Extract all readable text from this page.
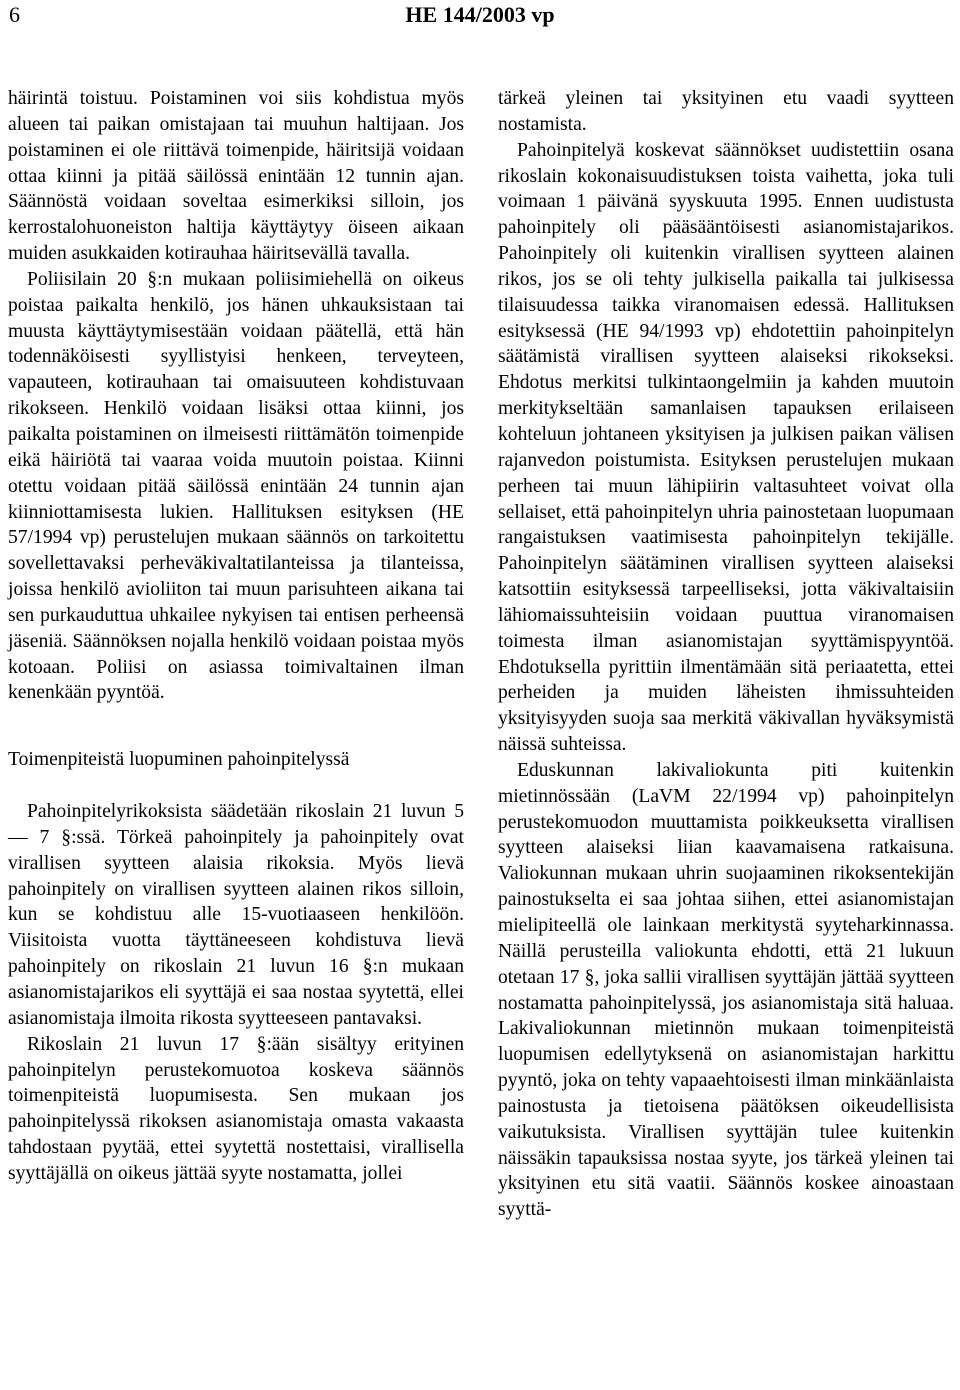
6	HE 144/2003 vp

häirintä toistuu. Poistaminen voi siis kohdistua myös alueen tai paikan omistajaan tai muuhun haltijaan. Jos poistaminen ei ole riittävä toimenpide, häiritsijä voidaan ottaa kiinni ja pitää säilössä enintään 12 tunnin ajan. Säännöstä voidaan soveltaa esimerkiksi silloin, jos kerrostalohuoneiston haltija käyttäytyy öiseen aikaan muiden asukkaiden kotirauhaa häiritsevällä tavalla.

Poliisilain 20 §:n mukaan poliisimiehellä on oikeus poistaa paikalta henkilö, jos hänen uhkauksistaan tai muusta käyttäytymisestään voidaan päätellä, että hän todennäköisesti syyllistyisi henkeen, terveyteen, vapauteen, kotirauhaan tai omaisuuteen kohdistuvaan rikokseen. Henkilö voidaan lisäksi ottaa kiinni, jos paikalta poistaminen on ilmeisesti riittämätön toimenpide eikä häiriötä tai vaaraa voida muutoin poistaa. Kiinni otettu voidaan pitää säilössä enintään 24 tunnin ajan kiinniottamisesta lukien. Hallituksen esityksen (HE 57/1994 vp) perustelujen mukaan säännös on tarkoitettu sovellettavaksi perheväkivaltatilanteissa ja tilanteissa, joissa henkilö avioliiton tai muun parisuhteen aikana tai sen purkauduttua uhkailee nykyisen tai entisen perheensä jäseniä. Säännöksen nojalla henkilö voidaan poistaa myös kotoaan. Poliisi on asiassa toimivaltainen ilman kenenkään pyyntöä.

Toimenpiteistä luopuminen pahoinpitelyssä

Pahoinpitelyrikoksista säädetään rikoslain 21 luvun 5 — 7 §:ssä. Törkeä pahoinpitely ja pahoinpitely ovat virallisen syytteen alaisia rikoksia. Myös lievä pahoinpitely on virallisen syytteen alainen rikos silloin, kun se kohdistuu alle 15-vuotiaaseen henkilöön. Viisitoista vuotta täyttäneeseen kohdistuva lievä pahoinpitely on rikoslain 21 luvun 16 §:n mukaan asianomistajarikos eli syyttäjä ei saa nostaa syytettä, ellei asianomistaja ilmoita rikosta syytteeseen pantavaksi.

Rikoslain 21 luvun 17 §:ään sisältyy erityinen pahoinpitelyn perustekomuotoa koskeva säännös toimenpiteistä luopumisesta. Sen mukaan jos pahoinpitelyssä rikoksen asianomistaja omasta vakaasta tahdostaan pyytää, ettei syytettä nostettaisi, virallisella syyttäjällä on oikeus jättää syyte nostamatta, jollei

tärkeä yleinen tai yksityinen etu vaadi syytteen nostamista.

Pahoinpitelyä koskevat säännökset uudistettiin osana rikoslain kokonaisuudistuksen toista vaihetta, joka tuli voimaan 1 päivänä syyskuuta 1995. Ennen uudistusta pahoinpitely oli pääsääntöisesti asianomistajarikos. Pahoinpitely oli kuitenkin virallisen syytteen alainen rikos, jos se oli tehty julkisella paikalla tai julkisessa tilaisuudessa taikka viranomaisen edessä. Hallituksen esityksessä (HE 94/1993 vp) ehdotettiin pahoinpitelyn säätämistä virallisen syytteen alaiseksi rikokseksi. Ehdotus merkitsi tulkintaongelmiin ja kahden muutoin merkitykseltään samanlaisen tapauksen erilaiseen kohteluun johtaneen yksityisen ja julkisen paikan välisen rajanvedon poistumista. Esityksen perustelujen mukaan perheen tai muun lähipiirin valtasuhteet voivat olla sellaiset, että pahoinpitelyn uhria painostetaan luopumaan rangaistuksen vaatimisesta pahoinpitelyn tekijälle. Pahoinpitelyn säätäminen virallisen syytteen alaiseksi katsottiin esityksessä tarpeelliseksi, jotta väkivaltaisiin lähiomaissuhteisiin voidaan puuttua viranomaisen toimesta ilman asianomistajan syyttämispyyntöä. Ehdotuksella pyrittiin ilmentämään sitä periaatetta, ettei perheiden ja muiden läheisten ihmissuhteiden yksityisyyden suoja saa merkitä väkivallan hyväksymistä näissä suhteissa.

Eduskunnan lakivaliokunta piti kuitenkin mietinnössään (LaVM 22/1994 vp) pahoinpitelyn perustekomuodon muuttamista poikkeuksetta virallisen syytteen alaiseksi liian kaavamaisena ratkaisuna. Valiokunnan mukaan uhrin suojaaminen rikoksentekijän painostukselta ei saa johtaa siihen, ettei asianomistajan mielipiteellä ole lainkaan merkitystä syyteharkinnassa. Näillä perusteilla valiokunta ehdotti, että 21 lukuun otetaan 17 §, joka sallii virallisen syyttäjän jättää syytteen nostamatta pahoinpitelyssä, jos asianomistaja sitä haluaa. Lakivaliokunnan mietinnön mukaan toimenpiteistä luopumisen edellytyksenä on asianomistajan harkittu pyyntö, joka on tehty vapaaehtoisesti ilman minkäänlaista painostusta ja tietoisena päätöksen oikeudellisista vaikutuksista. Virallisen syyttäjän tulee kuitenkin näissäkin tapauksissa nostaa syyte, jos tärkeä yleinen tai yksityinen etu sitä vaatii. Säännös koskee ainoastaan syyttä-
